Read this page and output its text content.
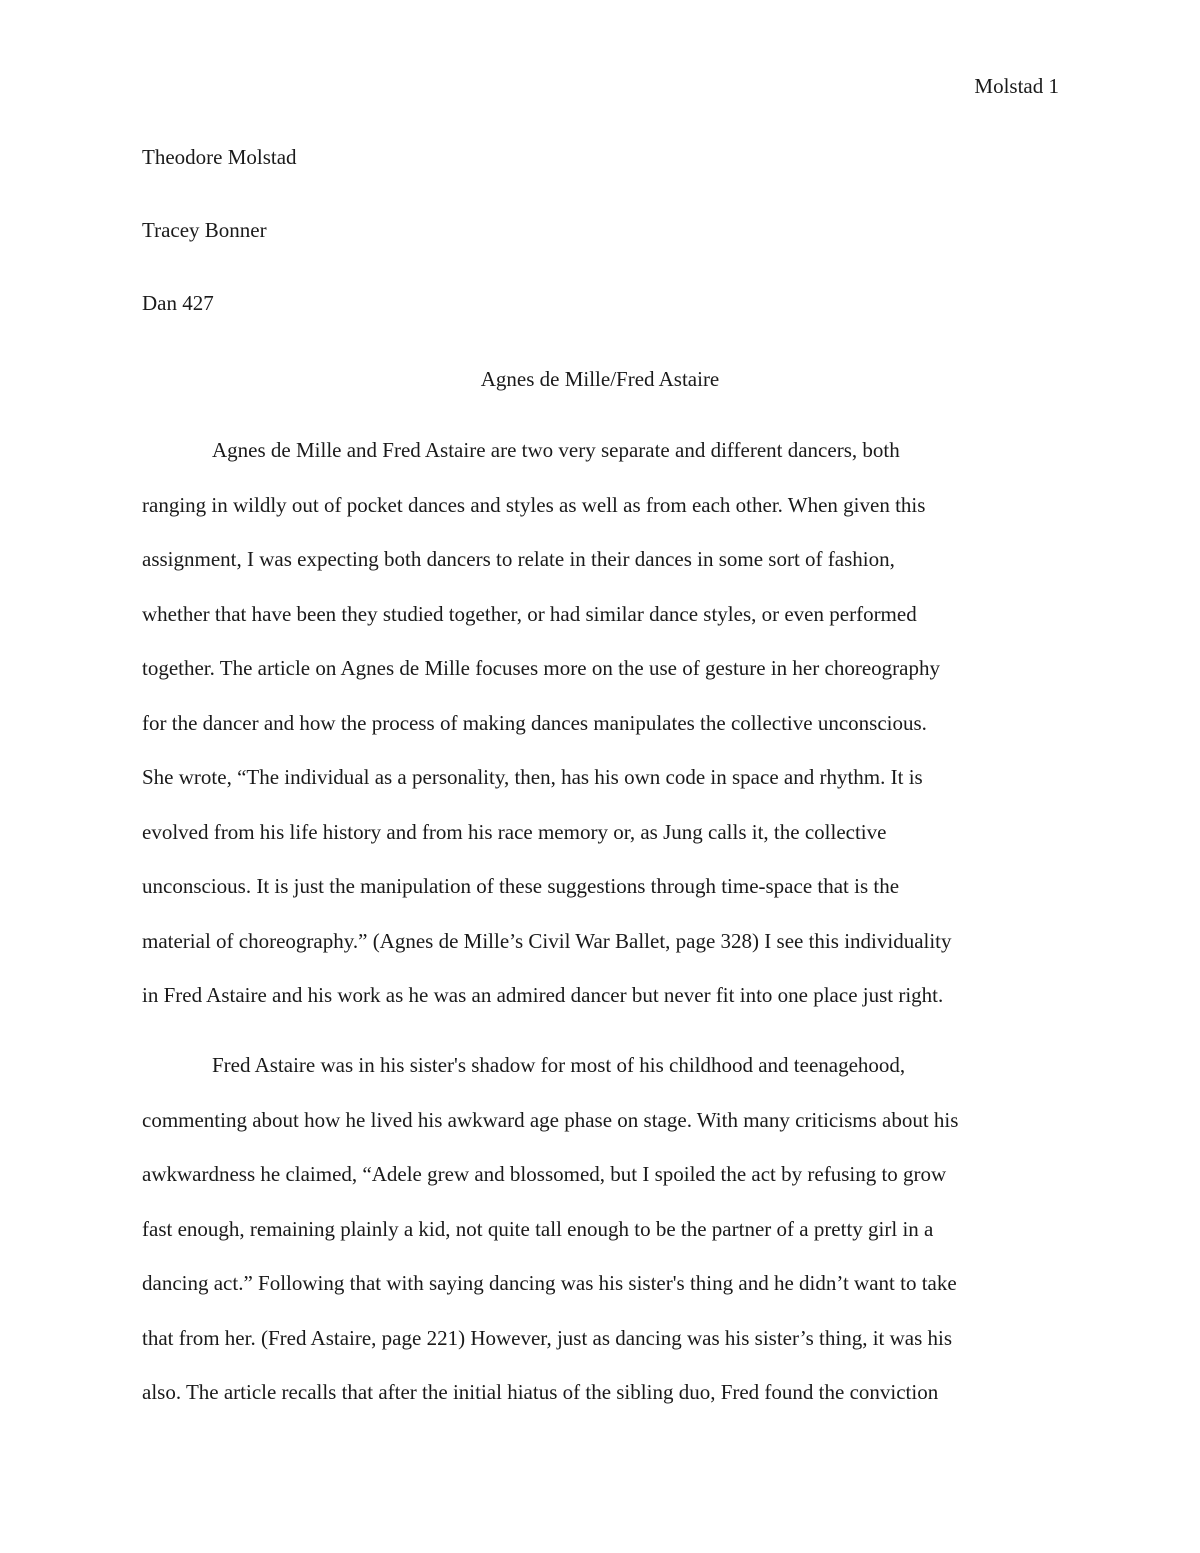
Molstad 1
Theodore Molstad
Tracey Bonner
Dan 427
Agnes de Mille/Fred Astaire
Agnes de Mille and Fred Astaire are two very separate and different dancers, both
ranging in wildly out of pocket dances and styles as well as from each other. When given this
assignment, I was expecting both dancers to relate in their dances in some sort of fashion,
whether that have been they studied together, or had similar dance styles, or even performed
together. The article on Agnes de Mille focuses more on the use of gesture in her choreography
for the dancer and how the process of making dances manipulates the collective unconscious.
She wrote, “The individual as a personality, then, has his own code in space and rhythm. It is
evolved from his life history and from his race memory or, as Jung calls it, the collective
unconscious. It is just the manipulation of these suggestions through time-space that is the
material of choreography.” (Agnes de Mille’s Civil War Ballet, page 328) I see this individuality
in Fred Astaire and his work as he was an admired dancer but never fit into one place just right.
Fred Astaire was in his sister's shadow for most of his childhood and teenagehood,
commenting about how he lived his awkward age phase on stage. With many criticisms about his
awkwardness he claimed, “Adele grew and blossomed, but I spoiled the act by refusing to grow
fast enough, remaining plainly a kid, not quite tall enough to be the partner of a pretty girl in a
dancing act.” Following that with saying dancing was his sister's thing and he didn’t want to take
that from her. (Fred Astaire, page 221) However, just as dancing was his sister’s thing, it was his
also. The article recalls that after the initial hiatus of the sibling duo, Fred found the conviction
